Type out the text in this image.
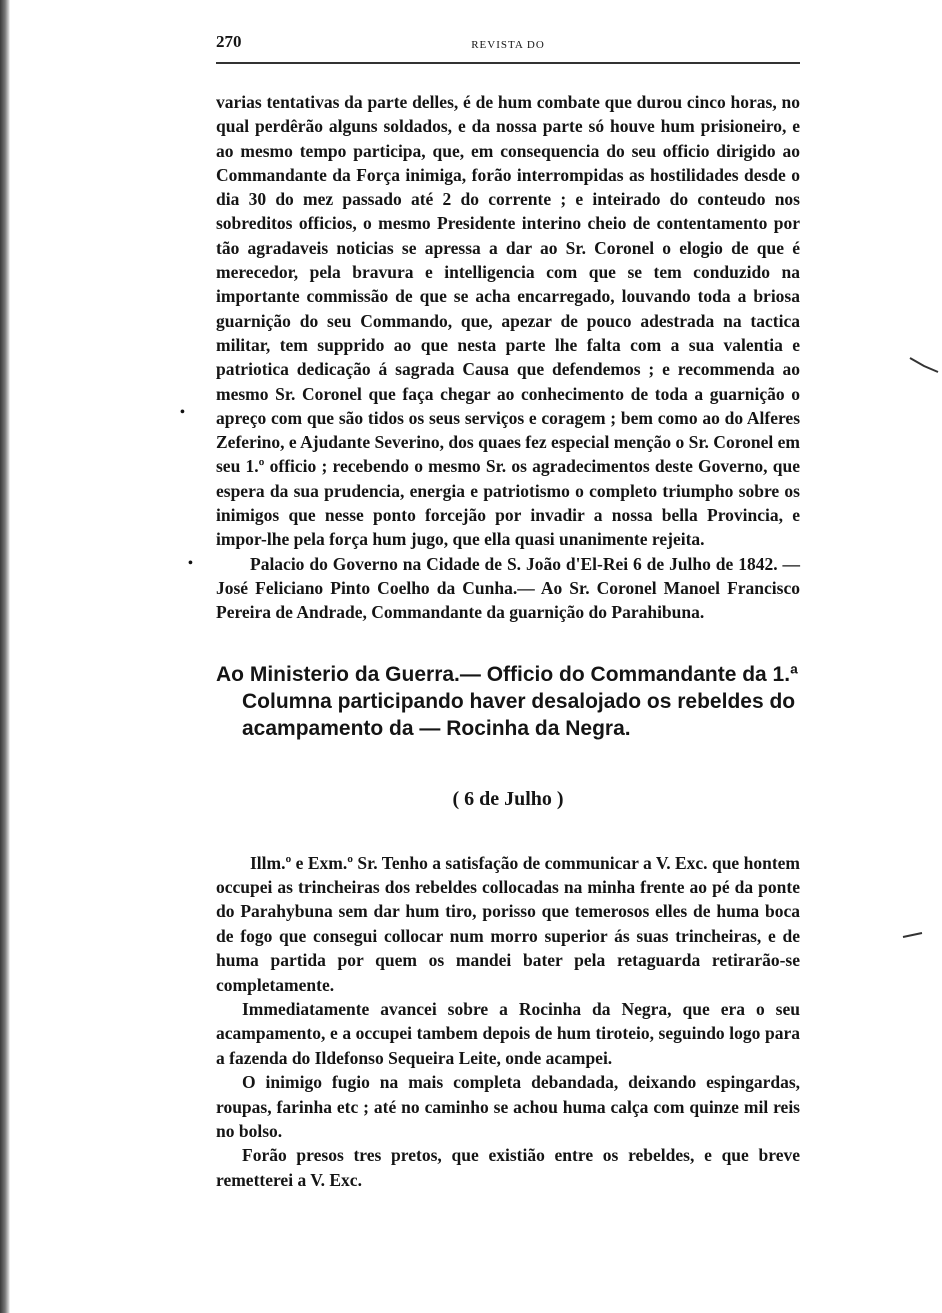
270	REVISTA DO

varias tentativas da parte delles, é de hum combate que durou cinco horas, no qual perdêrão alguns soldados, e da nossa parte só houve hum prisioneiro, e ao mesmo tempo participa, que, em consequencia do seu officio dirigido ao Commandante da Força inimiga, forão interrompidas as hostilidades desde o dia 30 do mez passado até 2 do corrente ; e inteirado do conteudo nos sobreditos officios, o mesmo Presidente interino cheio de contentamento por tão agradaveis noticias se apressa a dar ao Sr. Coronel o elogio de que é merecedor, pela bravura e intelligencia com que se tem conduzido na importante commissão de que se acha encarregado, louvando toda a briosa guarnição do seu Commando, que, apezar de pouco adestrada na tactica militar, tem supprido ao que nesta parte lhe falta com a sua valentia e patriotica dedicação á sagrada Causa que defendemos ; e recommenda ao mesmo Sr. Coronel que faça chegar ao conhecimento de toda a guarnição o apreço com que são tidos os seus serviços e coragem ; bem como ao do Alferes Zeferino, e Ajudante Severino, dos quaes fez especial menção o Sr. Coronel em seu 1.º officio ; recebendo o mesmo Sr. os agradecimentos deste Governo, que espera da sua prudencia, energia e patriotismo o completo triumpho sobre os inimigos que nesse ponto forcejão por invadir a nossa bella Provincia, e impor-lhe pela força hum jugo, que ella quasi unanimente rejeita.

Palacio do Governo na Cidade de S. João d'El-Rei 6 de Julho de 1842. — José Feliciano Pinto Coelho da Cunha.— Ao Sr. Coronel Manoel Francisco Pereira de Andrade, Commandante da guarnição do Parahibuna.

Ao Ministerio da Guerra.— Officio do Commandante da 1.ª Columna participando haver desalojado os rebeldes do acampamento da — Rocinha da Negra.
( 6 de Julho )

Illm.º e Exm.º Sr. Tenho a satisfação de communicar a V. Exc. que hontem occupei as trincheiras dos rebeldes collocadas na minha frente ao pé da ponte do Parahybuna sem dar hum tiro, porisso que temerosos elles de huma boca de fogo que consegui collocar num morro superior ás suas trincheiras, e de huma partida por quem os mandei bater pela retaguarda retirarão-se completamente.

Immediatamente avancei sobre a Rocinha da Negra, que era o seu acampamento, e a occupei tambem depois de hum tiroteio, seguindo logo para a fazenda do Ildefonso Sequeira Leite, onde acampei.

O inimigo fugio na mais completa debandada, deixando espingardas, roupas, farinha etc ; até no caminho se achou huma calça com quinze mil reis no bolso.

Forão presos tres pretos, que existião entre os rebeldes, e que breve remetterei a V. Exc.

•
•
